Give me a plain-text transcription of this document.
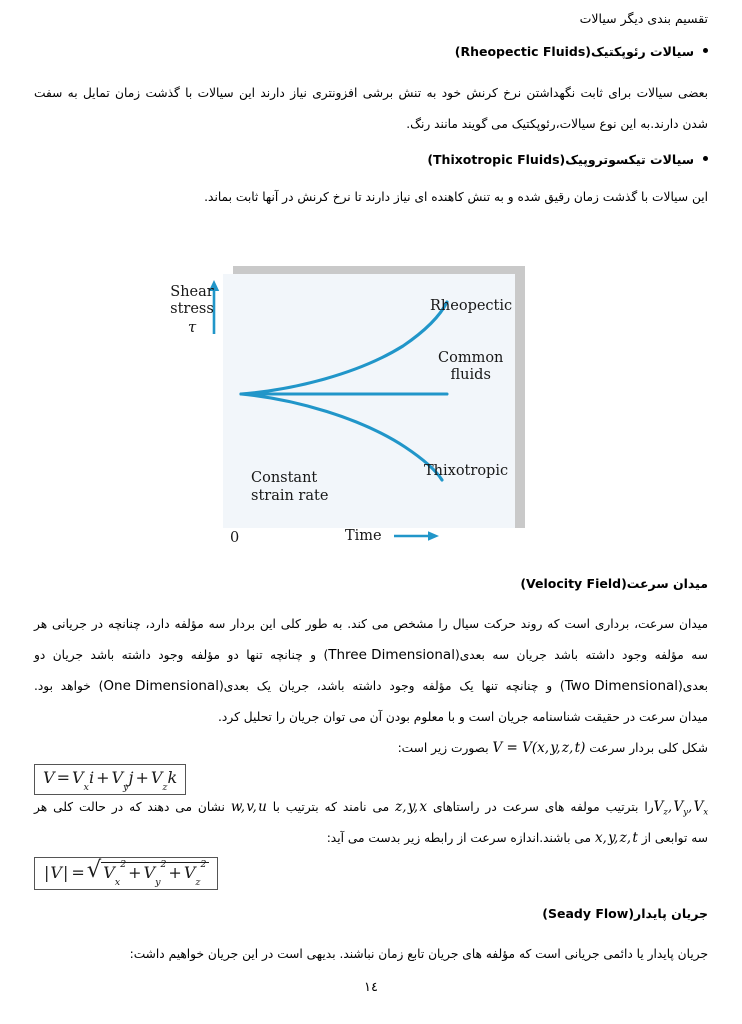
تقسیم بندی دیگر سیالات
سیالات رئوپکتیک(Rheopectic Fluids)
بعضی سیالات برای ثابت نگهداشتن نرخ کرنش خود به تنش برشی افزونتری نیاز دارند این سیالات با گذشت زمان تمایل به سفت
شدن دارند.به این نوع سیالات،رئوپکتیک می گویند مانند رنگ.
سیالات تیکسوتروپیک(Thixotropic Fluids)
این سیالات با گذشت زمان رقیق شده و به تنش کاهنده ای نیاز دارند تا نرخ کرنش در آنها ثابت بماند.
Shear
stress
τ
Rheopectic
Common
fluids
Thixotropic
Constant
strain rate
0	Time
میدان سرعت(Velocity Field)
میدان سرعت، برداری است که روند حرکت سیال را مشخص می کند. به طور کلی این بردار سه مؤلفه دارد، چنانچه در جریانی هر
سه مؤلفه وجود داشته باشد جریان سه بعدی(Three Dimensional) و چنانچه تنها دو مؤلفه وجود داشته باشد جریان دو
بعدی(Two Dimensional) و چنانچه تنها یک مؤلفه وجود داشته باشد، جریان یک بعدی(One Dimensional) خواهد بود.
میدان سرعت در حقیقت شناسنامه جریان است و با معلوم بودن آن می توان جریان را تحلیل کرد.
شکل کلی بردار سرعت V = V(x, y, z, t) بصورت زیر است:
$V = V_xi + V_yj + V_zk$
$V_z$, $V_y$, $V_xرا$ بترتیب مولفه های سرعت در راستاهای z, y, x می نامند که بترتیب با w, v, u نشان می دهند که در حالت کلی هر
سه توابعی از x, y, z, t می باشند.اندازه سرعت از رابطه زیر بدست می آید:
|V| = √ $V_x^2 + V_y^2 + V_z^2$
جریان پایدار(Seady Flow)
جریان پایدار یا دائمی جریانی است که مؤلفه های جریان تابع زمان نباشند. بدیهی است در این جریان خواهیم داشت:
١٤
